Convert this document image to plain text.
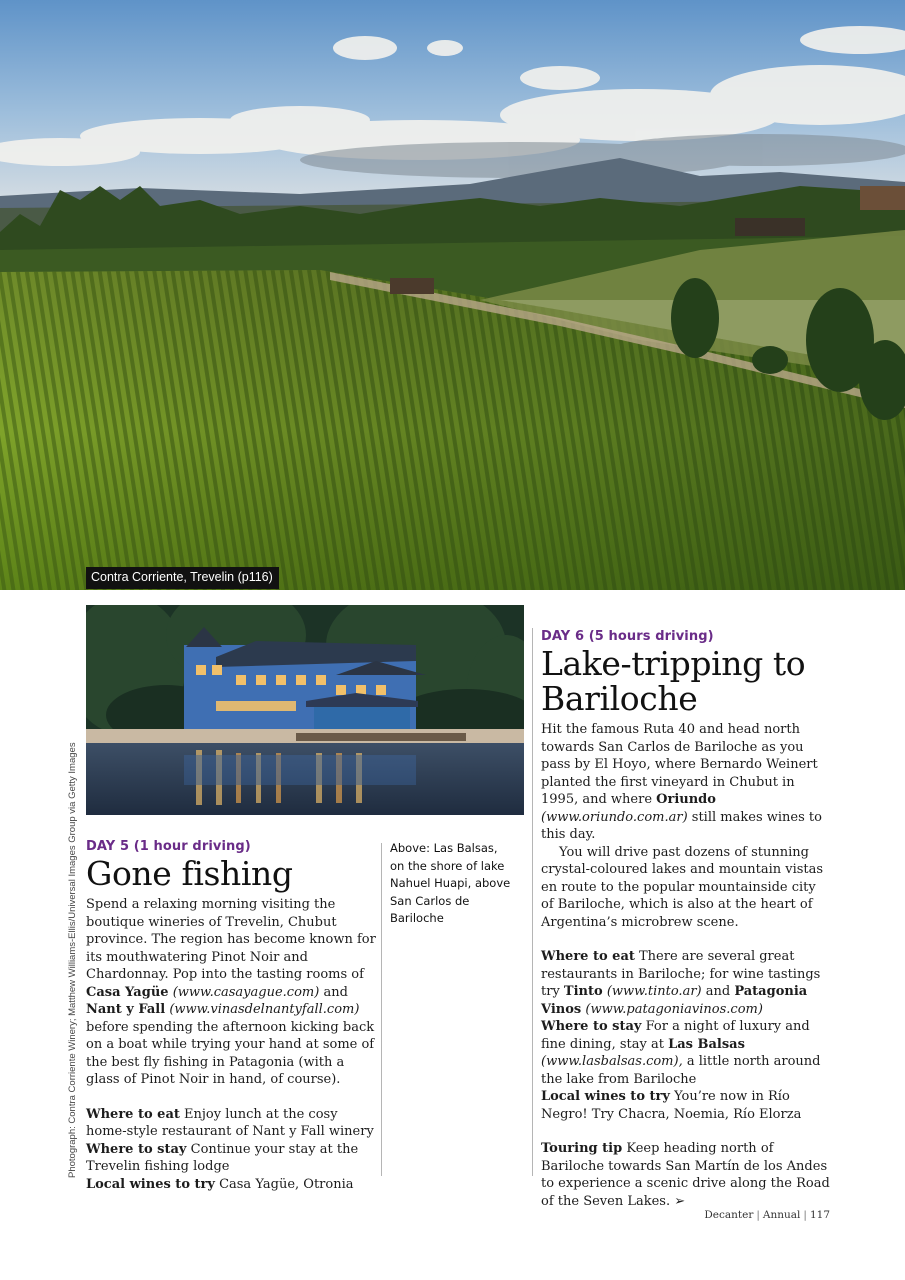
Contra Corriente, Trevelin (p116)
Photograph: Contra Corriente Winery; Matthew Williams-Ellis/Universal Images Group via Getty Images DAY 5 (1 hour driving)
Gone fishing

Spend a relaxing morning visiting the boutique wineries of Trevelin, Chubut province. The region has become known for its mouthwatering Pinot Noir and Chardonnay. Pop into the tasting rooms of Casa Yagüe (www.casayague.com) and Nant y Fall (www.vinasdelnantyfall.com) before spending the afternoon kicking back on a boat while trying your hand at some of the best fly fishing in Patagonia (with a glass of Pinot Noir in hand, of course).

Where to eat Enjoy lunch at the cosy home-style restaurant of Nant y Fall winery
Where to stay Continue your stay at the Trevelin fishing lodge
Local wines to try Casa Yagüe, Otronia
Above: Las Balsas,
on the shore of lake
Nahuel Huapi, above
San Carlos de Bariloche
DAY 6 (5 hours driving)
Lake-tripping to
Bariloche

Hit the famous Ruta 40 and head north towards San Carlos de Bariloche as you pass by El Hoyo, where Bernardo Weinert planted the first vineyard in Chubut in 1995, and where Oriundo (www.oriundo.com.ar) still makes wines to this day.

You will drive past dozens of stunning crystal-coloured lakes and mountain vistas en route to the popular mountainside city of Bariloche, which is also at the heart of Argentina’s microbrew scene.

Where to eat There are several great restaurants in Bariloche; for wine tastings try Tinto (www.tinto.ar) and Patagonia Vinos (www.patagoniavinos.com)
Where to stay For a night of luxury and fine dining, stay at Las Balsas (www.lasbalsas.com), a little north around the lake from Bariloche
Local wines to try You’re now in Río Negro! Try Chacra, Noemia, Río Elorza
Touring tip Keep heading north of Bariloche towards San Martín de los Andes to experience a scenic drive along the Road of the Seven Lakes. ➢
Decanter | Annual | 117
